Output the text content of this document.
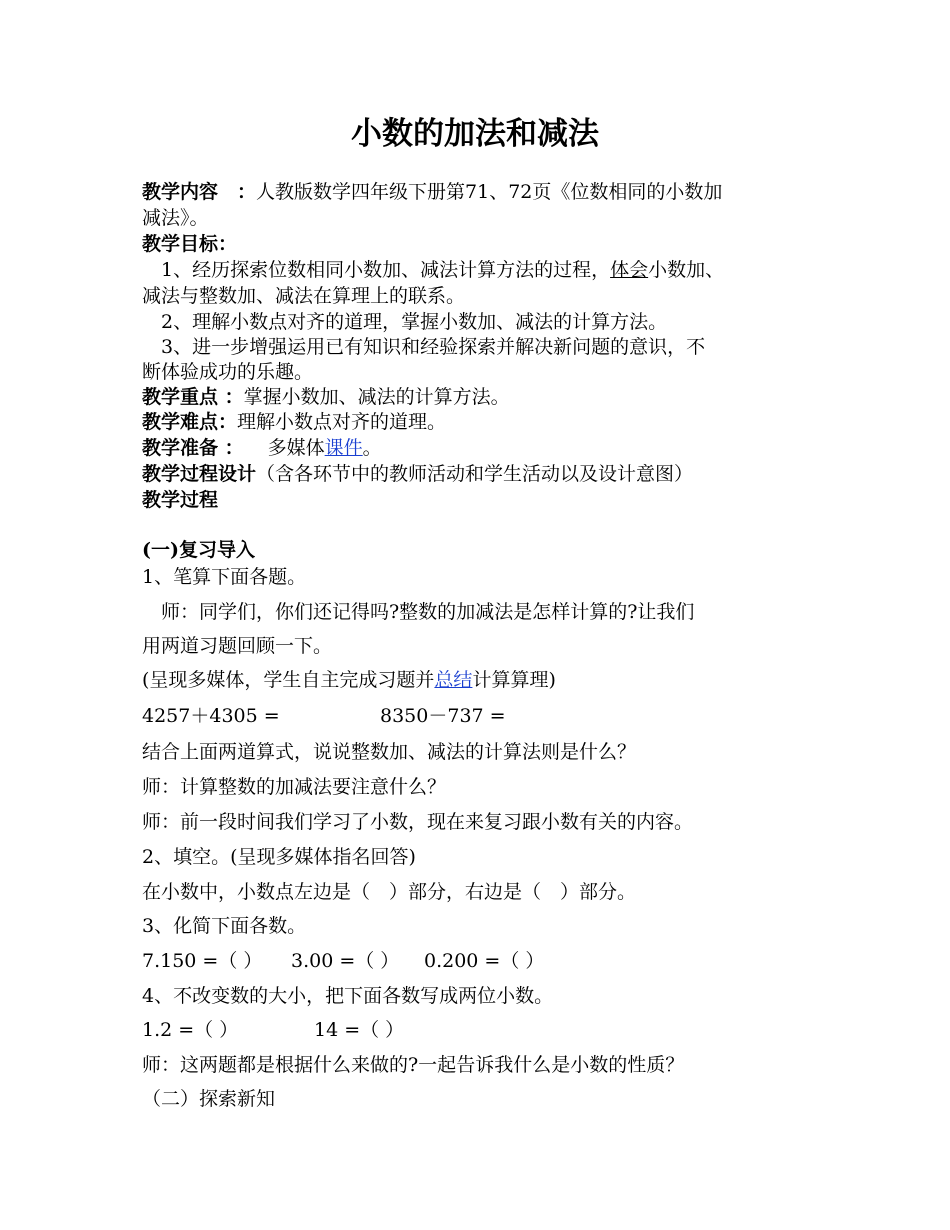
小数的加法和减法
教学内容　：人教版数学四年级下册第71、72页《位数相同的小数加
减法》。
教学目标：
　1、经历探索位数相同小数加、减法计算方法的过程，体会小数加、
减法与整数加、减法在算理上的联系。
　2、理解小数点对齐的道理，掌握小数加、减法的计算方法。
　3、进一步增强运用已有知识和经验探索并解决新问题的意识，不
断体验成功的乐趣。
教学重点 ：掌握小数加、减法的计算方法。
教学难点：理解小数点对齐的道理。
教学准备 ： 多媒体课件。
教学过程设计（含各环节中的教师活动和学生活动以及设计意图）
教学过程
(一)复习导入
1、笔算下面各题。
　师：同学们，你们还记得吗?整数的加减法是怎样计算的?让我们
用两道习题回顾一下。
(呈现多媒体，学生自主完成习题并总结计算算理)
4257＋4305 =	8350－737 =
结合上面两道算式，说说整数加、减法的计算法则是什么？
师：计算整数的加减法要注意什么？
师：前一段时间我们学习了小数，现在来复习跟小数有关的内容。
2、填空。(呈现多媒体指名回答)
在小数中，小数点左边是（　）部分，右边是（　）部分。
3、化简下面各数。
7.150 =（ ） 3.00 =（ ） 0.200 =（ ）
4、不改变数的大小，把下面各数写成两位小数。
1.2 =（ ）	14 =（ ）
师：这两题都是根据什么来做的?一起告诉我什么是小数的性质？
（二）探索新知
